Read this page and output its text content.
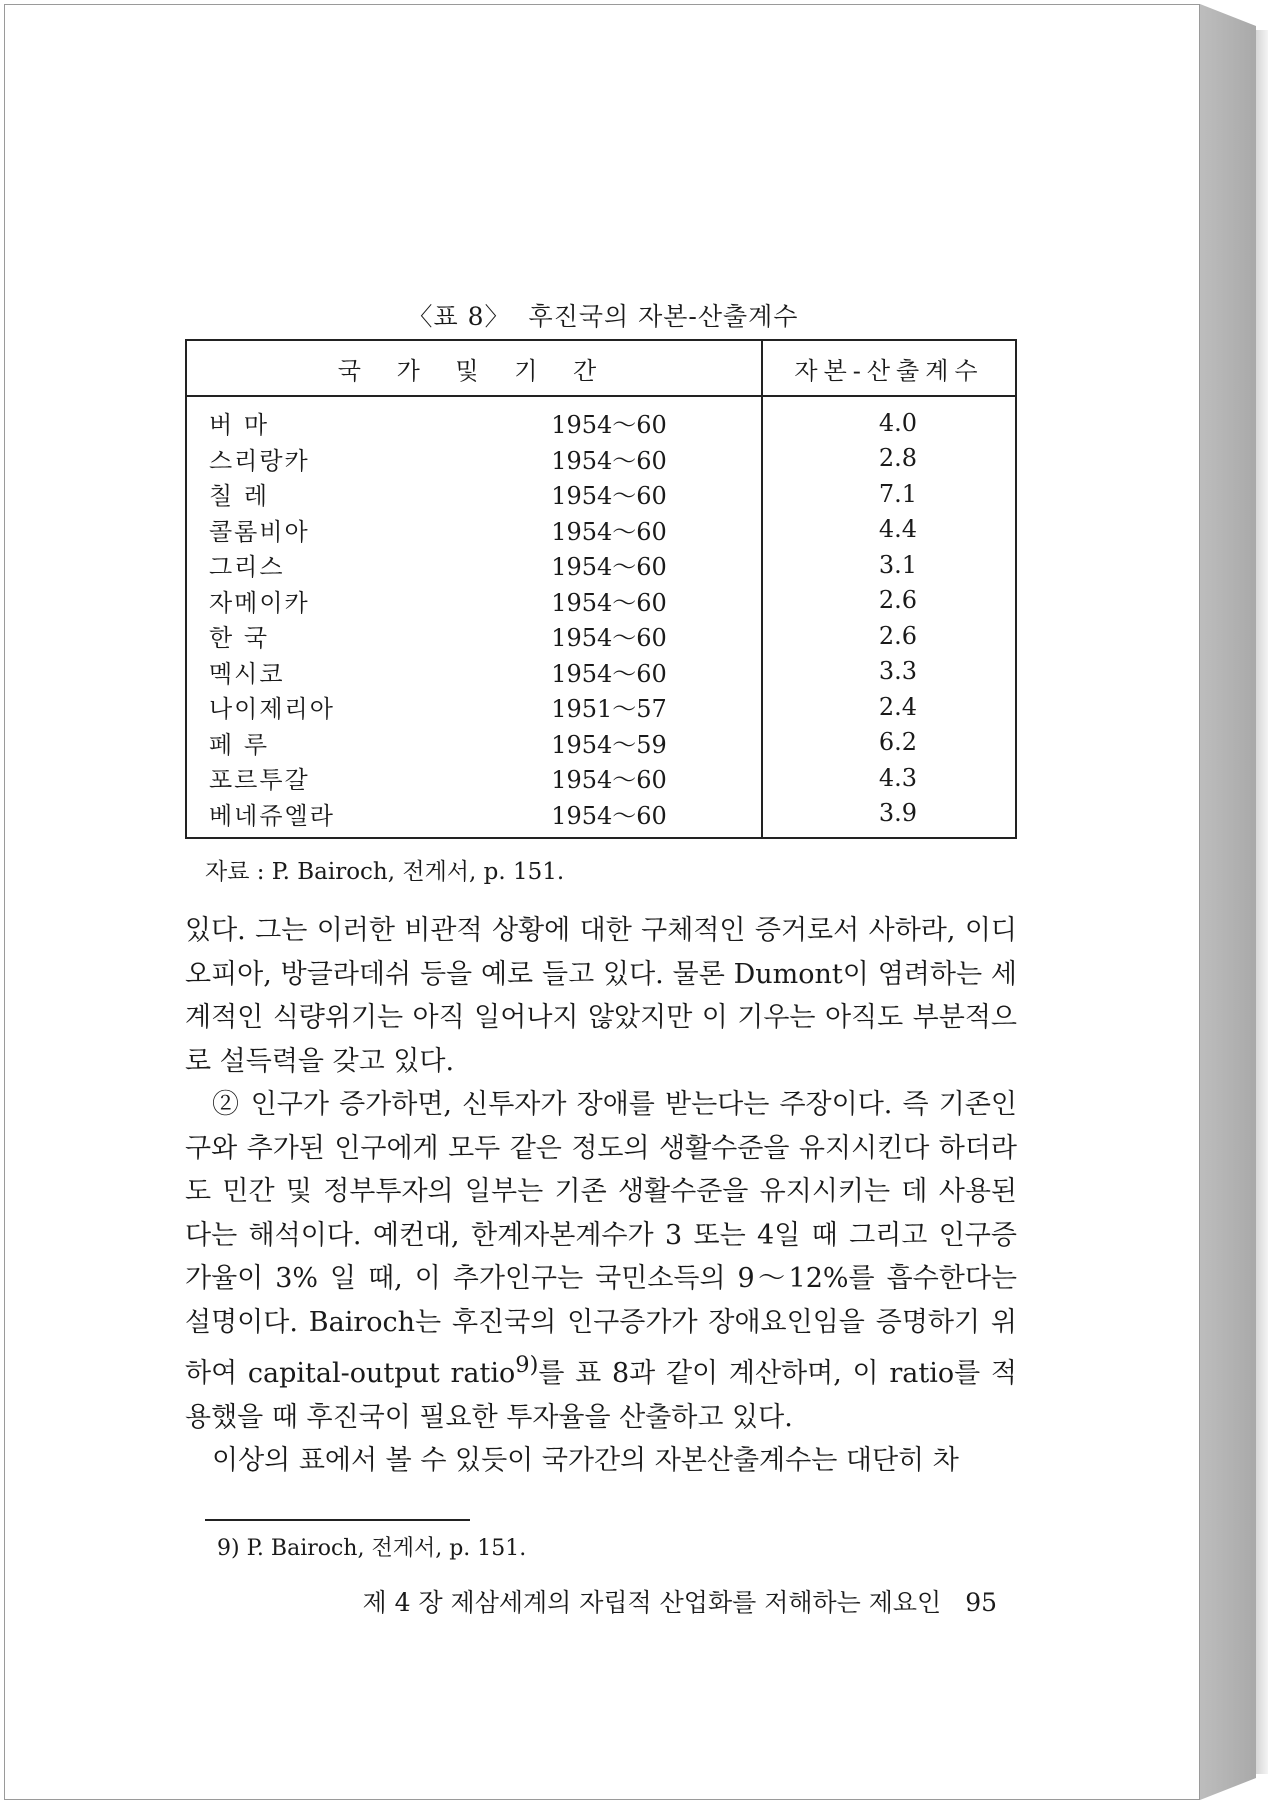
〈표 8〉 후진국의 자본-산출계수
국 가 및 기 간		자본-산출계수
버 마	1954～60	4.0
스리랑카	1954～60	2.8
칠 레	1954～60	7.1
콜롬비아	1954～60	4.4
그리스	1954～60	3.1
자메이카	1954～60	2.6
한 국	1954～60	2.6
멕시코	1954～60	3.3
나이제리아	1951～57	2.4
페 루	1954～59	6.2
포르투갈	1954～60	4.3
베네쥬엘라	1954～60	3.9
자료 : P. Bairoch, 전게서, p. 151.

있다. 그는 이러한 비관적 상황에 대한 구체적인 증거로서 사하라, 이디오피아, 방글라데쉬 등을 예로 들고 있다. 물론 Dumont이 염려하는 세계적인 식량위기는 아직 일어나지 않았지만 이 기우는 아직도 부분적으로 설득력을 갖고 있다.

② 인구가 증가하면, 신투자가 장애를 받는다는 주장이다. 즉 기존인구와 추가된 인구에게 모두 같은 정도의 생활수준을 유지시킨다 하더라도 민간 및 정부투자의 일부는 기존 생활수준을 유지시키는 데 사용된다는 해석이다. 예컨대, 한계자본계수가 3 또는 4일 때 그리고 인구증가율이 3% 일 때, 이 추가인구는 국민소득의 9～12%를 흡수한다는 설명이다. Bairoch는 후진국의 인구증가가 장애요인임을 증명하기 위하여 capital-output ratio$^{9)}$를 표 8과 같이 계산하며, 이 ratio를 적용했을 때 후진국이 필요한 투자율을 산출하고 있다.

이상의 표에서 볼 수 있듯이 국가간의 자본산출계수는 대단히 차

9) P. Bairoch, 전게서, p. 151.
제 4 장 제삼세계의 자립적 산업화를 저해하는 제요인 95
